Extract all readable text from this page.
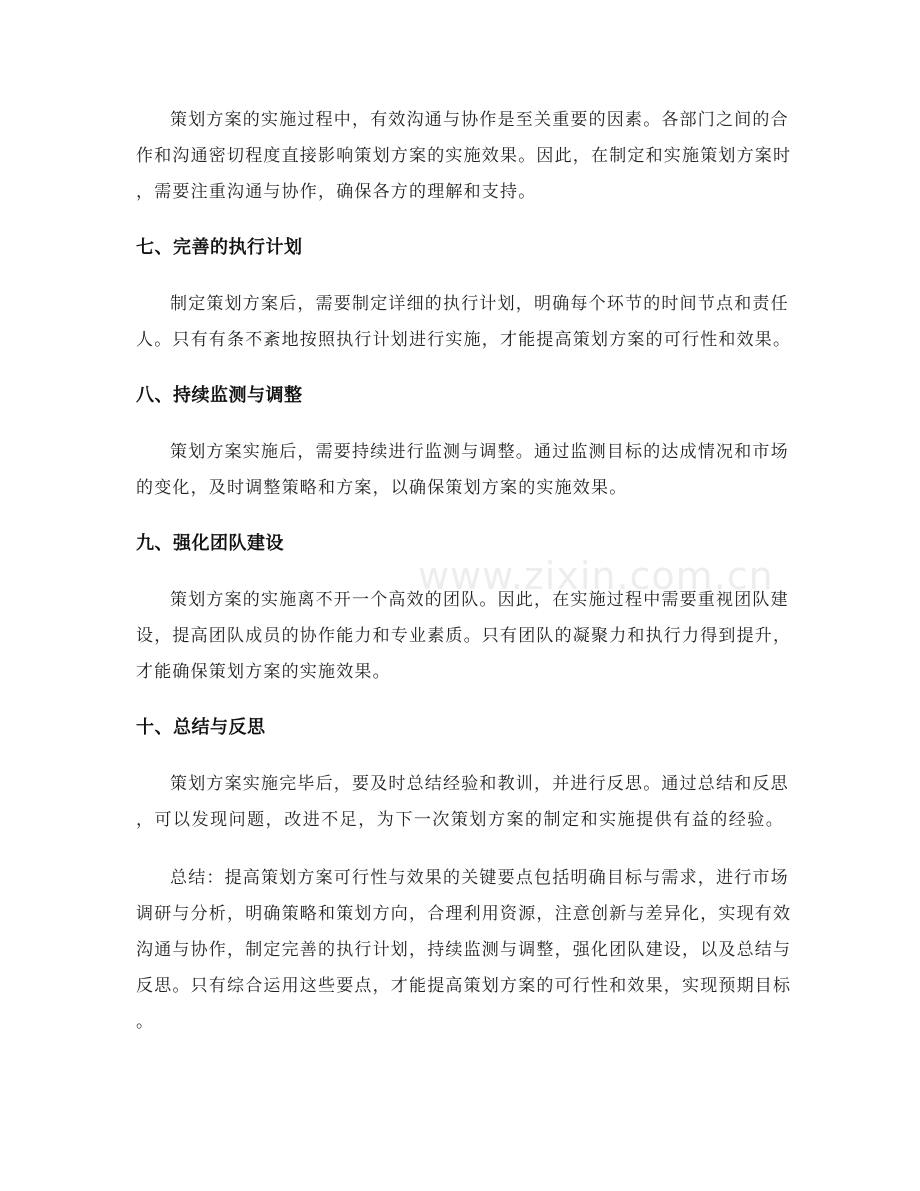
www.zixin.com.cn
策划方案的实施过程中，有效沟通与协作是至关重要的因素。各部门之间的合
作和沟通密切程度直接影响策划方案的实施效果。因此，在制定和实施策划方案时
，需要注重沟通与协作，确保各方的理解和支持。
七、完善的执行计划
制定策划方案后，需要制定详细的执行计划，明确每个环节的时间节点和责任
人。只有有条不紊地按照执行计划进行实施，才能提高策划方案的可行性和效果。
八、持续监测与调整
策划方案实施后，需要持续进行监测与调整。通过监测目标的达成情况和市场
的变化，及时调整策略和方案，以确保策划方案的实施效果。
九、强化团队建设
策划方案的实施离不开一个高效的团队。因此，在实施过程中需要重视团队建
设，提高团队成员的协作能力和专业素质。只有团队的凝聚力和执行力得到提升，
才能确保策划方案的实施效果。
十、总结与反思
策划方案实施完毕后，要及时总结经验和教训，并进行反思。通过总结和反思
，可以发现问题，改进不足，为下一次策划方案的制定和实施提供有益的经验。
总结：提高策划方案可行性与效果的关键要点包括明确目标与需求，进行市场
调研与分析，明确策略和策划方向，合理利用资源，注意创新与差异化，实现有效
沟通与协作，制定完善的执行计划，持续监测与调整，强化团队建设，以及总结与
反思。只有综合运用这些要点，才能提高策划方案的可行性和效果，实现预期目标
。
